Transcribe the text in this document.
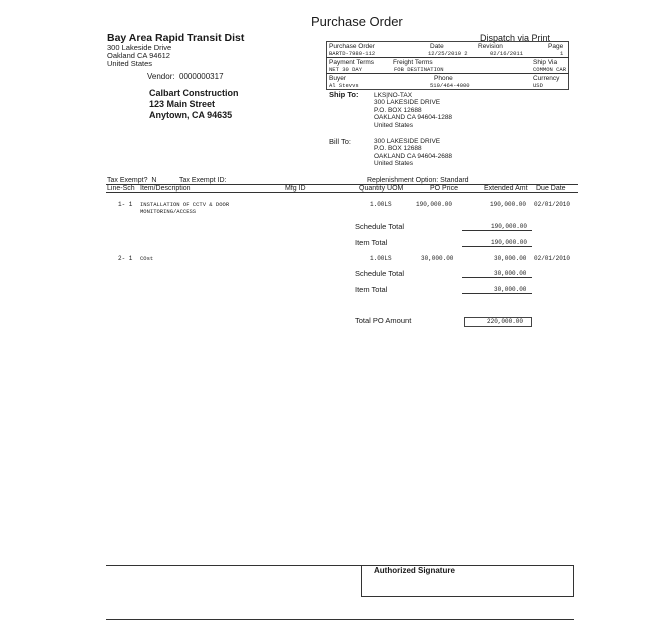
Purchase Order
Dispatch via Print
Bay Area Rapid Transit Dist
300 Lakeside Drive
Oakland CA 94612
United States
Purchase Order	Date	Revision	Page
BARTD-7980-112	12/25/2010 2	02/16/2011	1
Payment Terms	Freight Terms	Ship Via
NET 30 DAY	FOB DESTINATION	COMMON CAR
Buyer	Phone	Currency
Al Stevvs	510/464-4000	USD
Vendor: 0000000317
Calbart Construction
123 Main Street
Anytown, CA 94635
Ship To: LKS|NO-TAX
300 LAKESIDE DRIVE
P.O. BOX 12688
OAKLAND CA 94604-1288
United States
Bill To:	300 LAKESIDE DRIVE
P.O. BOX 12688
OAKLAND CA 94604-2688
United States
Tax Exempt? N	Tax Exempt ID:	Replenishment Option: Standard
Line-Sch Item/Description	Mfg ID	Quantity UOM	PO Price	Extended Amt Due Date
1- 1 INSTALLATION OF CCTV & DOOR
MONITORING/ACCESS
1.00LS	190,000.00	190,000.00 02/01/2010
Schedule Total	190,000.00
Item Total	190,000.00
2- 1 COst	1.00LS	30,000.00	30,000.00 02/01/2010
Schedule Total	30,000.00
Item Total	30,000.00
Total PO Amount	220,000.00
Authorized Signature
